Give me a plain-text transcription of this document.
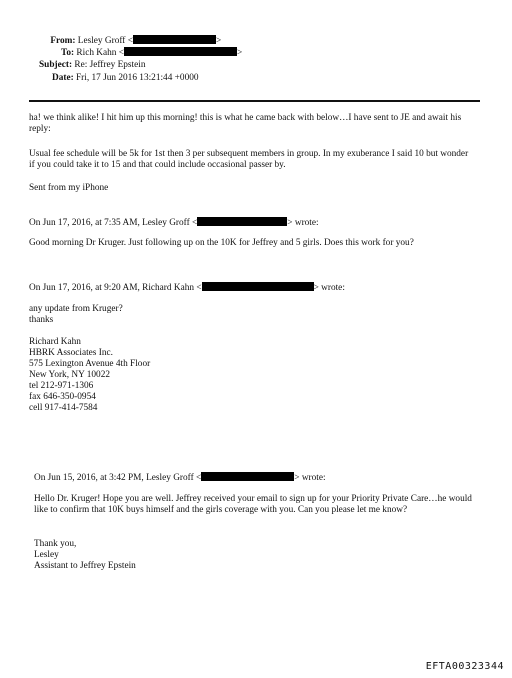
From: Lesley Groff <	>
To: Rich Kahn <	>
Subject: Re: Jeffrey Epstein
Date: Fri, 17 Jun 2016 13:21:44 +0000

ha! we think alike! I hit him up this morning! this is what he came back with below…I have sent to JE and await his reply:

Usual fee schedule will be 5k for 1st then 3 per subsequent members in group. In my exuberance I said 10 but wonder if you could take it to 15 and that could include occasional passer by.

Sent from my iPhone
On Jun 17, 2016, at 7:35 AM, Lesley Groff <	> wrote:
Good morning Dr Kruger. Just following up on the 10K for Jeffrey and 5 girls. Does this work for you?
On Jun 17, 2016, at 9:20 AM, Richard Kahn <	> wrote:
any update from Kruger?
thanks
Richard Kahn
HBRK Associates Inc.
575 Lexington Avenue 4th Floor
New York, NY 10022
tel 212-971-1306
fax 646-350-0954
cell 917-414-7584
On Jun 15, 2016, at 3:42 PM, Lesley Groff <	> wrote:

Hello Dr. Kruger! Hope you are well. Jeffrey received your email to sign up for your Priority Private Care…he would like to confirm that 10K buys himself and the girls coverage with you. Can you please let me know?

Thank you,
Lesley
Assistant to Jeffrey Epstein
EFTA00323344
